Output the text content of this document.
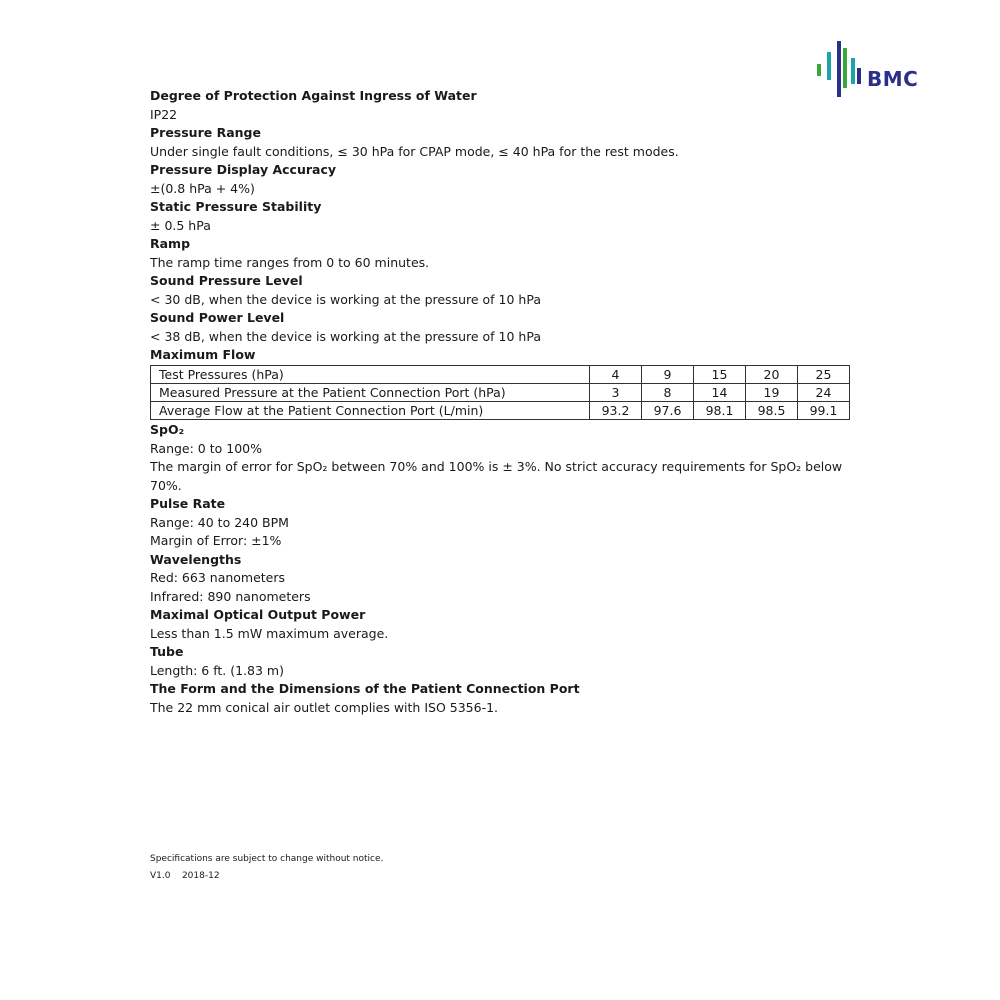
BMC
Degree of Protection Against Ingress of Water
IP22
Pressure Range
Under single fault conditions, ≤ 30 hPa for CPAP mode, ≤ 40 hPa for the rest modes.
Pressure Display Accuracy
±(0.8 hPa + 4%)
Static Pressure Stability
± 0.5 hPa
Ramp
The ramp time ranges from 0 to 60 minutes.
Sound Pressure Level
< 30 dB, when the device is working at the pressure of 10 hPa
Sound Power Level
< 38 dB, when the device is working at the pressure of 10 hPa
Maximum Flow
Test Pressures (hPa)	4	9	15	20	25
Measured Pressure at the Patient Connection Port (hPa)	3	8	14	19	24
Average Flow at the Patient Connection Port (L/min)	93.2	97.6	98.1	98.5	99.1
SpO₂
Range: 0 to 100%
The margin of error for SpO₂ between 70% and 100% is ± 3%. No strict accuracy requirements for SpO₂ below 70%.
Pulse Rate
Range: 40 to 240 BPM
Margin of Error: ±1%
Wavelengths
Red: 663 nanometers
Infrared: 890 nanometers
Maximal Optical Output Power
Less than 1.5 mW maximum average.
Tube
Length: 6 ft. (1.83 m)
The Form and the Dimensions of the Patient Connection Port
The 22 mm conical air outlet complies with ISO 5356-1.
Specifications are subject to change without notice.
V1.0 2018-12
